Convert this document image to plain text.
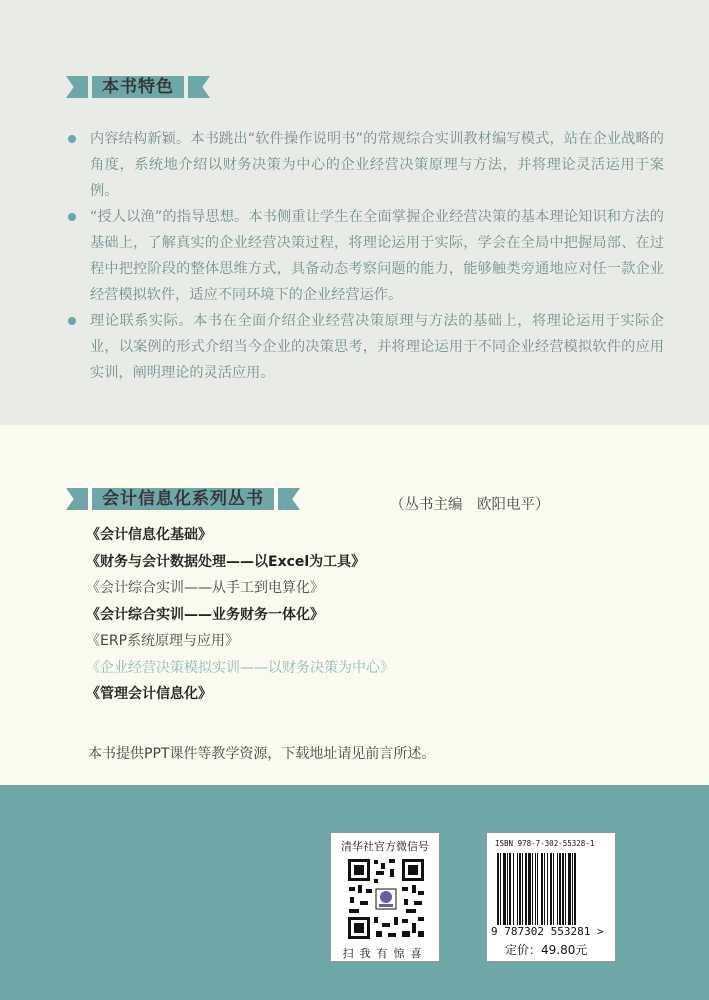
本书特色
内容结构新颖。本书跳出“软件操作说明书”的常规综合实训教材编写模式，站在企业战略的角度，系统地介绍以财务决策为中心的企业经营决策原理与方法，并将理论灵活运用于案例。
“授人以渔”的指导思想。本书侧重让学生在全面掌握企业经营决策的基本理论知识和方法的基础上，了解真实的企业经营决策过程，将理论运用于实际，学会在全局中把握局部、在过程中把控阶段的整体思维方式，具备动态考察问题的能力，能够触类旁通地应对任一款企业经营模拟软件，适应不同环境下的企业经营运作。
理论联系实际。本书在全面介绍企业经营决策原理与方法的基础上，将理论运用于实际企业，以案例的形式介绍当今企业的决策思考，并将理论运用于不同企业经营模拟软件的应用实训，阐明理论的灵活应用。
会计信息化系列丛书	（丛书主编　欧阳电平）
《会计信息化基础》
《财务与会计数据处理——以Excel为工具》
《会计综合实训——从手工到电算化》
《会计综合实训——业务财务一体化》
《ERP系统原理与应用》
《企业经营决策模拟实训——以财务决策为中心》
《管理会计信息化》
本书提供PPT课件等教学资源，下载地址请见前言所述。
清华社官方微信号
扫我有惊喜
ISBN 978-7-302-55328-1
9 787302 553281 >
定价：49.80元
